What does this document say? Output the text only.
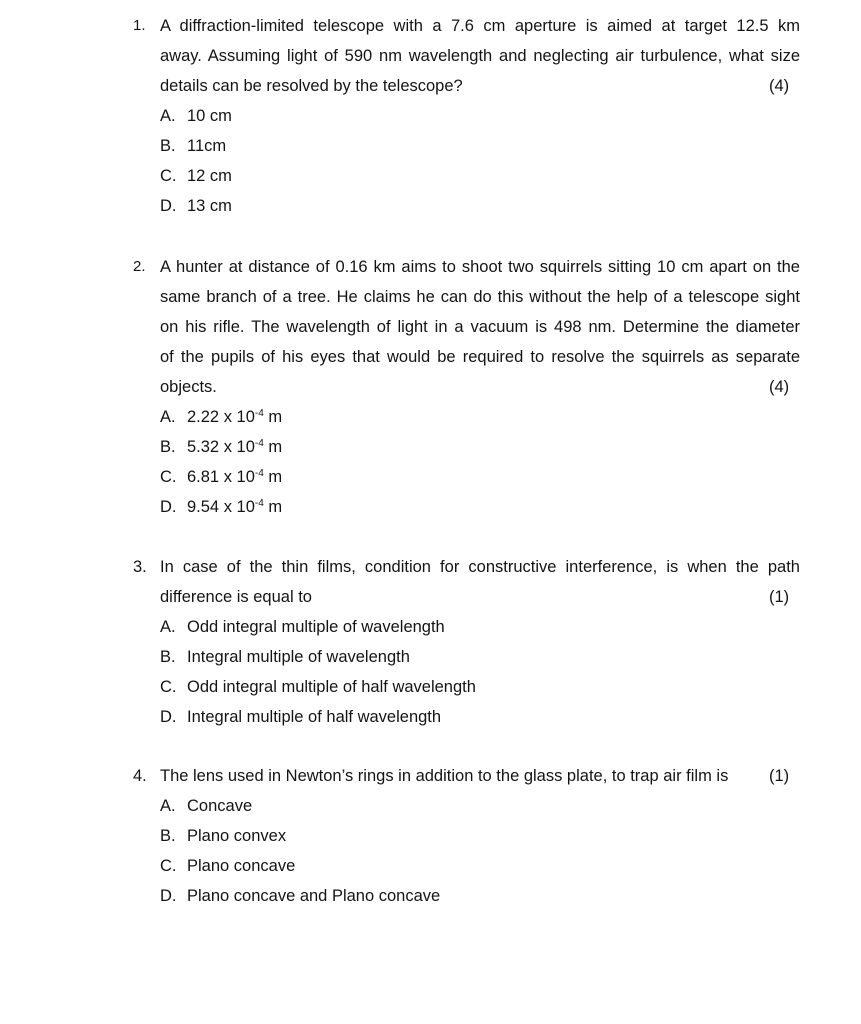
1. A diffraction-limited telescope with a 7.6 cm aperture is aimed at target 12.5 km
away. Assuming light of 590 nm wavelength and neglecting air turbulence, what size
details can be resolved by the telescope?	(4)
A. 10 cm
B. 11cm
C. 12 cm
D. 13 cm
2. A hunter at distance of 0.16 km aims to shoot two squirrels sitting 10 cm apart on the
same branch of a tree. He claims he can do this without the help of a telescope sight
on his rifle. The wavelength of light in a vacuum is 498 nm. Determine the diameter
of the pupils of his eyes that would be required to resolve the squirrels as separate
objects.	(4)
A. 2.22 x $10^{-4}$ m
B. 5.32 x $10^{-4}$ m
C. 6.81 x $10^{-4}$ m
D. 9.54 x $10^{-4}$ m
3. In case of the thin films, condition for constructive interference, is when the path
difference is equal to	(1)
A. Odd integral multiple of wavelength
B. Integral multiple of wavelength
C. Odd integral multiple of half wavelength
D. Integral multiple of half wavelength
4. The lens used in Newton’s rings in addition to the glass plate, to trap air film is	(1)
A. Concave
B. Plano convex
C. Plano concave
D. Plano concave and Plano concave
